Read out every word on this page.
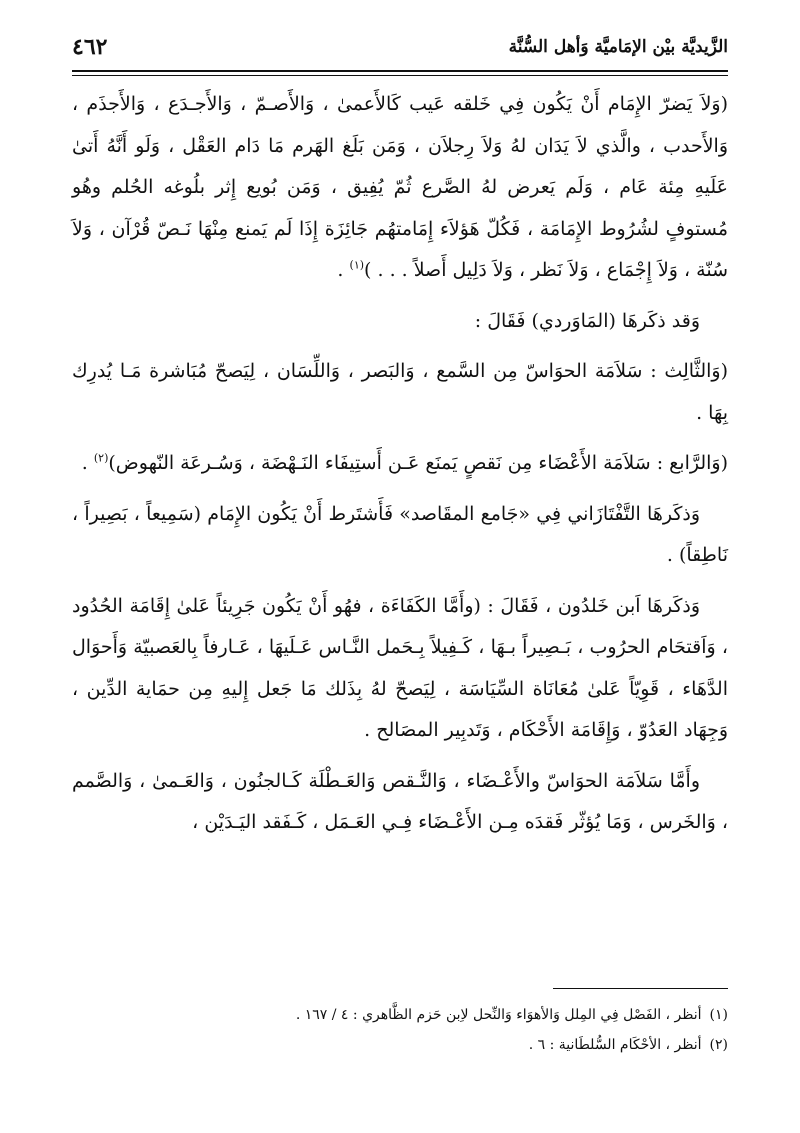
الزَّيديَّة بيْن الإمَاميَّة وَأهل السُّنَّة
٤٦٢

(وَلاَ يَضرّ الإِمَام أَنْ يَكُون فِي خَلقه عَيب كَالأَعمىٰ ، وَالأَصـمّ ، وَالأَجـدَع ، وَالأَجذَم ، وَالأَحدب ، والَّذي لاَ يَدَان لهُ وَلاَ رِجلاَن ، وَمَن بَلَغ الهَرم مَا دَام العَقْل ، وَلَو أَنَّهُ أَتىٰ عَلَيهِ مِئة عَام ، وَلَم يَعرض لهُ الصَّرع ثُمّ يُفِيق ، وَمَن بُويع إِثر بلُوغه الحُلم وهُو مُستوفٍ لشُرُوط الإِمَامَة ، فَكُلّ هَؤلاَء إِمَامتهُم جَائِزَة إِذَا لَم يَمنع مِنْهَا نَـصّ قُرْآن ، وَلاَ سُنّة ، وَلاَ إِجْمَاع ، وَلاَ نَظر ، وَلاَ دَلِيل أَصلاً . . . )$^{(١)}$ .

وَقد ذكَرهَا (المَاوَردي) فَقَالَ :

(وَالثَّالِث : سَلاَمَة الحوَاسّ مِن السَّمع ، وَالبَصر ، وَاللِّسَان ، لِيَصحّ مُبَاشرة مَـا يُدرِك بِهَا .

(وَالرَّابع : سَلاَمَة الأَعْضَاء مِن نَقصٍ يَمنَع عَـن أَستِيفَاء النَـهْضَة ، وَسُـرعَة النّهوض)$^{(٢)}$ .

وَذكَرهَا التَّفْتَازَاني فِي «جَامع المقَاصد» فَأَشتَرط أَنْ يَكُون الإِمَام (سَمِيعاً ، بَصِيراً ، نَاطِقاً) .

وَذكَرهَا اَبن خَلدُون ، فَقَالَ : (وأَمَّا الكَفَاءَة ، فهُو أَنْ يَكُون جَرِيئاً عَلىٰ إِقَامَة الحُدُود ، وَاَقتحَام الحرُوب ، بَـصِيراً بـهَا ، كَـفِيلاً بِـحَمل النَّـاس عَـلَيهَا ، عَـارفاً بِالعَصبيّة وَأَحوَال الدَّهَاء ، قَوِيّاً عَلىٰ مُعَانَاة السِّيَاسَة ، لِيَصحّ لهُ بِذَلك مَا جَعل إِليهِ مِن حمَاية الدِّين ، وَجِهَاد العَدُوّ ، وَإِقَامَة الأَحْكَام ، وَتَدبِير المصَالح .

وأَمَّا سَلاَمَة الحوَاسّ والأَعْـضَاء ، وَالنَّـقص وَالعَـطْلَة كَـالجنُون ، وَالعَـمىٰ ، وَالصَّمم ، وَالخَرس ، وَمَا يُؤثّر فَقدَه مِـن الأَعْـضَاء فِـي العَـمَل ، كَـفَقد اليَـدَيْن ،

(١)
أنظر ، الفَصْل فِي المِلل وَالأهوَاء وَالنِّحل لاِبن حَزم الظَّاهري : ٤ / ١٦٧ .
(٢)
أنظر ، الأحْكَام السُّلطَانية : ٦ .
